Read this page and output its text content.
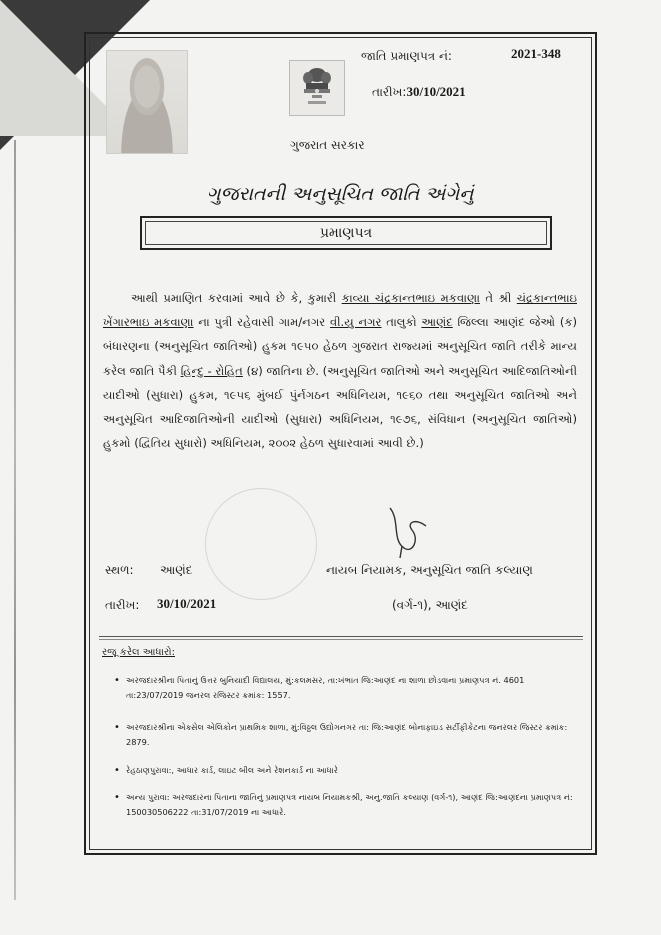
જાતિ પ્રમાણપત્ર નં:	2021-348
તારીખ:30/10/2021
ગુજરાત સરકાર
ગુજરાતની અનુસૂચિત જાતિ અંગેનું
પ્રમાણપત્ર
આથી પ્રમાણિત કરવામાં આવે છે કે, કુમારી કાવ્યા ચંદ્રકાન્તભાઇ મકવાણા તે શ્રી ચંદ્રકાન્તભાઇ ખેંગારભાઇ મકવાણા ના પુત્રી રહેવાસી ગામ/નગર વી.યુ નગર તાલુકો આણંદ જિલ્લા આણંદ જેઓ (ક) બંધારણના (અનુસૂચિત જાતિઓ) હુકમ ૧૯૫૦ હેઠળ ગુજરાત રાજ્યમાં અનુસૂચિત જાતિ તરીકે માન્ય કરેલ જાતિ પૈકી હિન્દુ - રોહિત (૪) જાતિના છે. (અનુસૂચિત જાતિઓ અને અનુસૂચિત આદિજાતિઓની યાદીઓ (સુધારા) હુકમ, ૧૯૫૬ મુંબઈ પુંર્નગઠન અધિનિયમ, ૧૯૬૦ તથા અનુસૂચિત જાતિઓ અને અનુસૂચિત આદિજાતિઓની યાદીઓ (સુધારા) અધિનિયમ, ૧૯૭૬, સંવિધાન (અનુસૂચિત જાતિઓ) હુકમો (દ્વિતિય સુધારો) અધિનિયમ, ૨૦૦૨ હેઠળ સુધારવામાં આવી છે.)
સ્થળ: આણંદ	નાયબ નિયામક, અનુસૂચિત જાતિ કલ્યાણ
તારીખ: 30/10/2021	(વર્ગ-૧), આણંદ
રજૂ કરેલ આધારો:
• અરજદારશ્રીના પિતાનું ઉત્તર બુનિયાદી વિદ્યાલય, મું:કલમસર, તા:ખંભાત જિ:આણંદ ના શાળા છોડવાના પ્રમાણપત્ર નં. 4601 તા:23/07/2019 જનરલ રજિસ્ટર ક્રમાંક: 1557.
• અરજદારશ્રીના એક્સેલ એલિકોન પ્રાથમિક શાળા, મું:વિઠ્ઠલ ઉદ્યોગનગર તા: જિ:આણંદ બોનાફાઇડ સર્ટીફીકેટના જનરલર જિસ્ટર ક્રમાંક: 2879.
• રેહઠાણપુરાવા:, આધાર કાર્ડ, લાઇટ બીલ અને રેશનકાર્ડ ના આધારે
• અન્ય પુરાવા: અરજદારના પિતાના જાતિનું પ્રમાણપત્ર નાયબ નિયામકશ્રી, અનુ.જાતિ કલ્યાણ (વર્ગ-૧), આણંદ જિ:આણંદના પ્રમાણપત્ર નં: 150030506222 તા:31/07/2019 ના આધારે.
